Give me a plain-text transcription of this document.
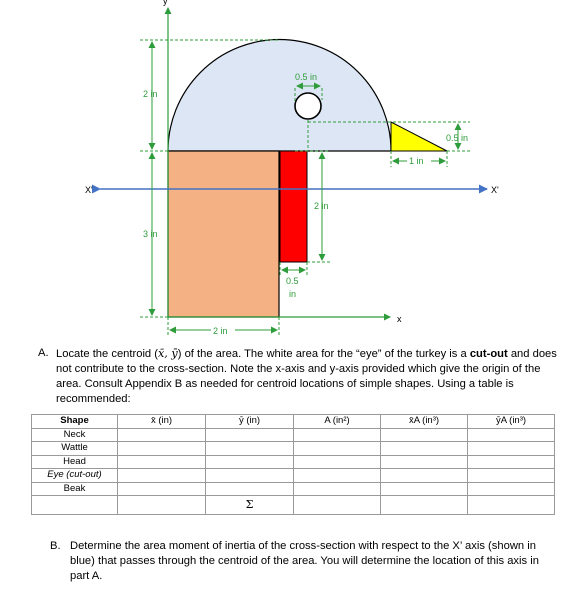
y
x
X'	X'
2 in
3 in
0.5 in
0.5 in
1 in
2 in
0.5
in
2 in
A. Locate the centroid (x̄, ȳ) of the area. The white area for the “eye” of the turkey is a cut-out and does not contribute to the cross-section. Note the x-axis and y-axis provided which give the origin of the area. Consult Appendix B as needed for centroid locations of simple shapes. Using a table is recommended:
Shape	x̄ (in)	ȳ (in)	A (in²)	x̄A (in³)	ȳA (in³)
Neck					
Wattle					
Head					
Eye (cut-out)					
Beak					
		Σ			
B. Determine the area moment of inertia of the cross-section with respect to the X’ axis (shown in blue) that passes through the centroid of the area. You will determine the location of this axis in part A.
